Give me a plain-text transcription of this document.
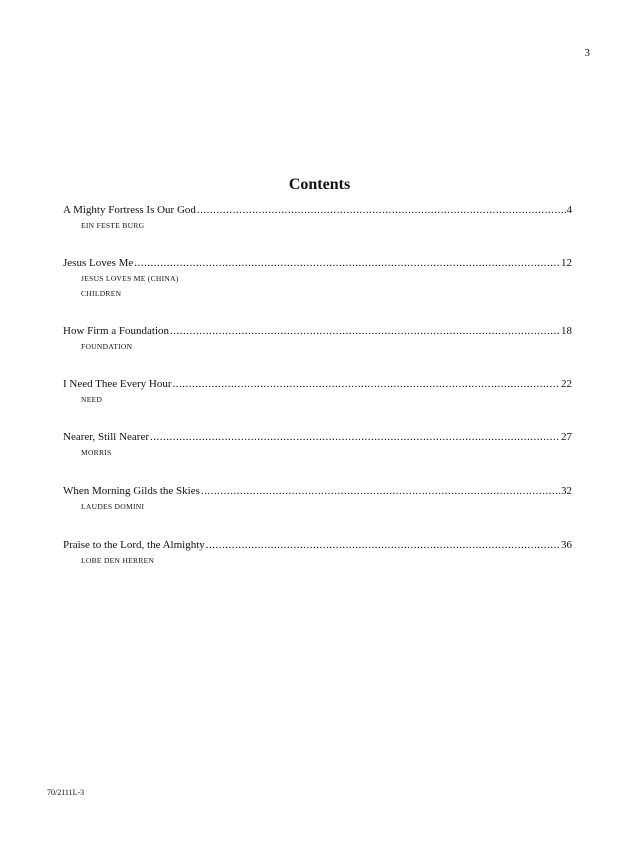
3
Contents
A Mighty Fortress Is Our God .....	4
EIN FESTE BURG
Jesus Loves Me .....	12
JESUS LOVES ME (CHINA)
CHILDREN
How Firm a Foundation .....	18
FOUNDATION
I Need Thee Every Hour .....	22
NEED
Nearer, Still Nearer .....	27
MORRIS
When Morning Gilds the Skies .....	32
LAUDES DOMINI
Praise to the Lord, the Almighty .....	36
LOBE DEN HERREN
70/2111L-3
